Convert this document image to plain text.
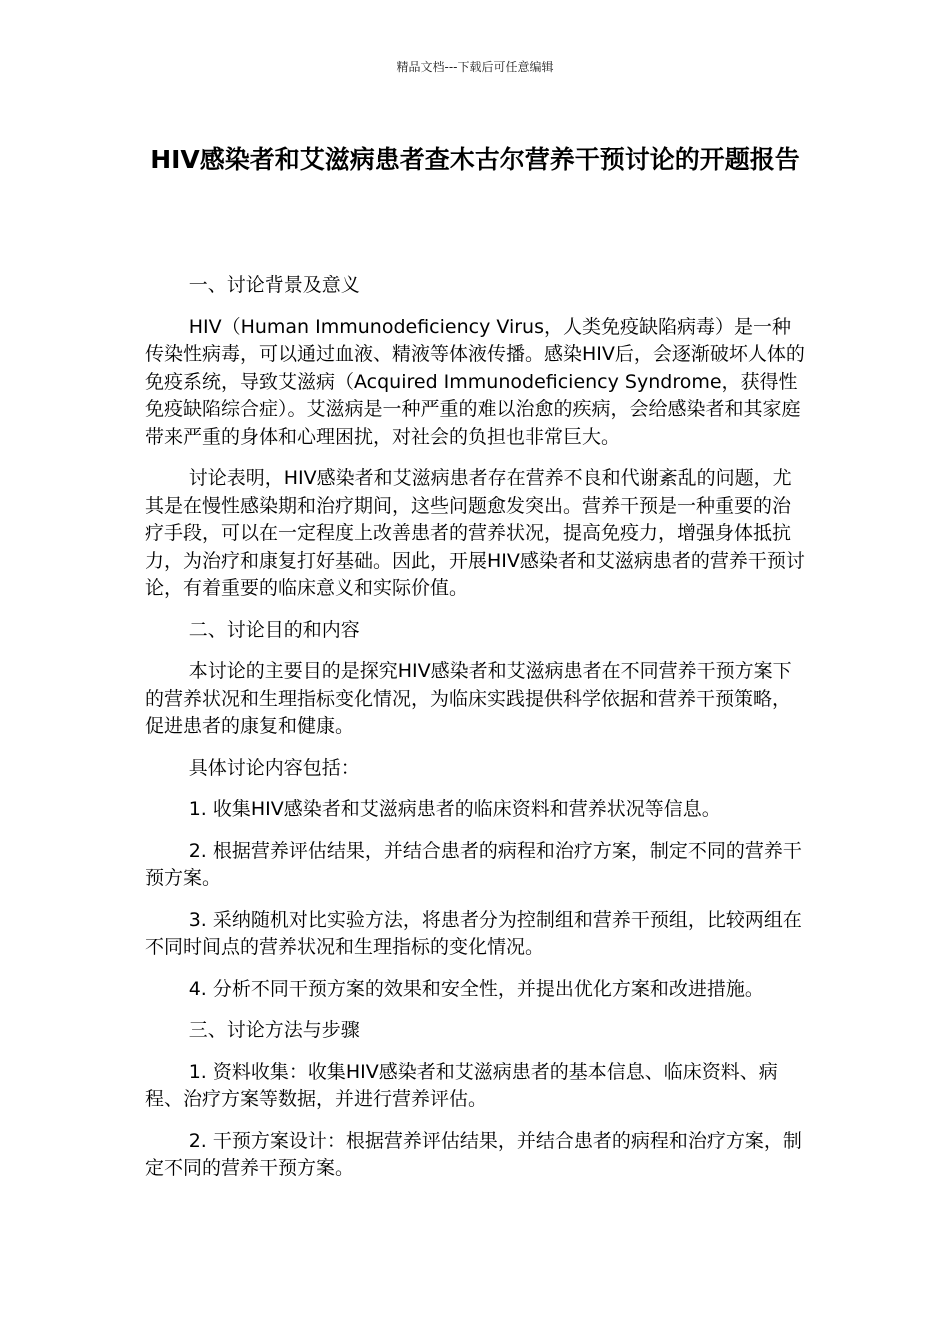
精品文档---下载后可任意编辑
HIV感染者和艾滋病患者查木古尔营养干预讨论的开题报告

一、讨论背景及意义

HIV（Human Immunodeficiency Virus，人类免疫缺陷病毒）是一种传染性病毒，可以通过血液、精液等体液传播。感染HIV后，会逐渐破坏人体的免疫系统，导致艾滋病（Acquired Immunodeficiency Syndrome，获得性免疫缺陷综合症）。艾滋病是一种严重的难以治愈的疾病，会给感染者和其家庭带来严重的身体和心理困扰，对社会的负担也非常巨大。

讨论表明，HIV感染者和艾滋病患者存在营养不良和代谢紊乱的问题，尤其是在慢性感染期和治疗期间，这些问题愈发突出。营养干预是一种重要的治疗手段，可以在一定程度上改善患者的营养状况，提高免疫力，增强身体抵抗力，为治疗和康复打好基础。因此，开展HIV感染者和艾滋病患者的营养干预讨论，有着重要的临床意义和实际价值。

二、讨论目的和内容

本讨论的主要目的是探究HIV感染者和艾滋病患者在不同营养干预方案下的营养状况和生理指标变化情况，为临床实践提供科学依据和营养干预策略，促进患者的康复和健康。

具体讨论内容包括：

1. 收集HIV感染者和艾滋病患者的临床资料和营养状况等信息。

2. 根据营养评估结果，并结合患者的病程和治疗方案，制定不同的营养干预方案。

3. 采纳随机对比实验方法，将患者分为控制组和营养干预组，比较两组在不同时间点的营养状况和生理指标的变化情况。

4. 分析不同干预方案的效果和安全性，并提出优化方案和改进措施。

三、讨论方法与步骤

1. 资料收集：收集HIV感染者和艾滋病患者的基本信息、临床资料、病程、治疗方案等数据，并进行营养评估。

2. 干预方案设计：根据营养评估结果，并结合患者的病程和治疗方案，制定不同的营养干预方案。
